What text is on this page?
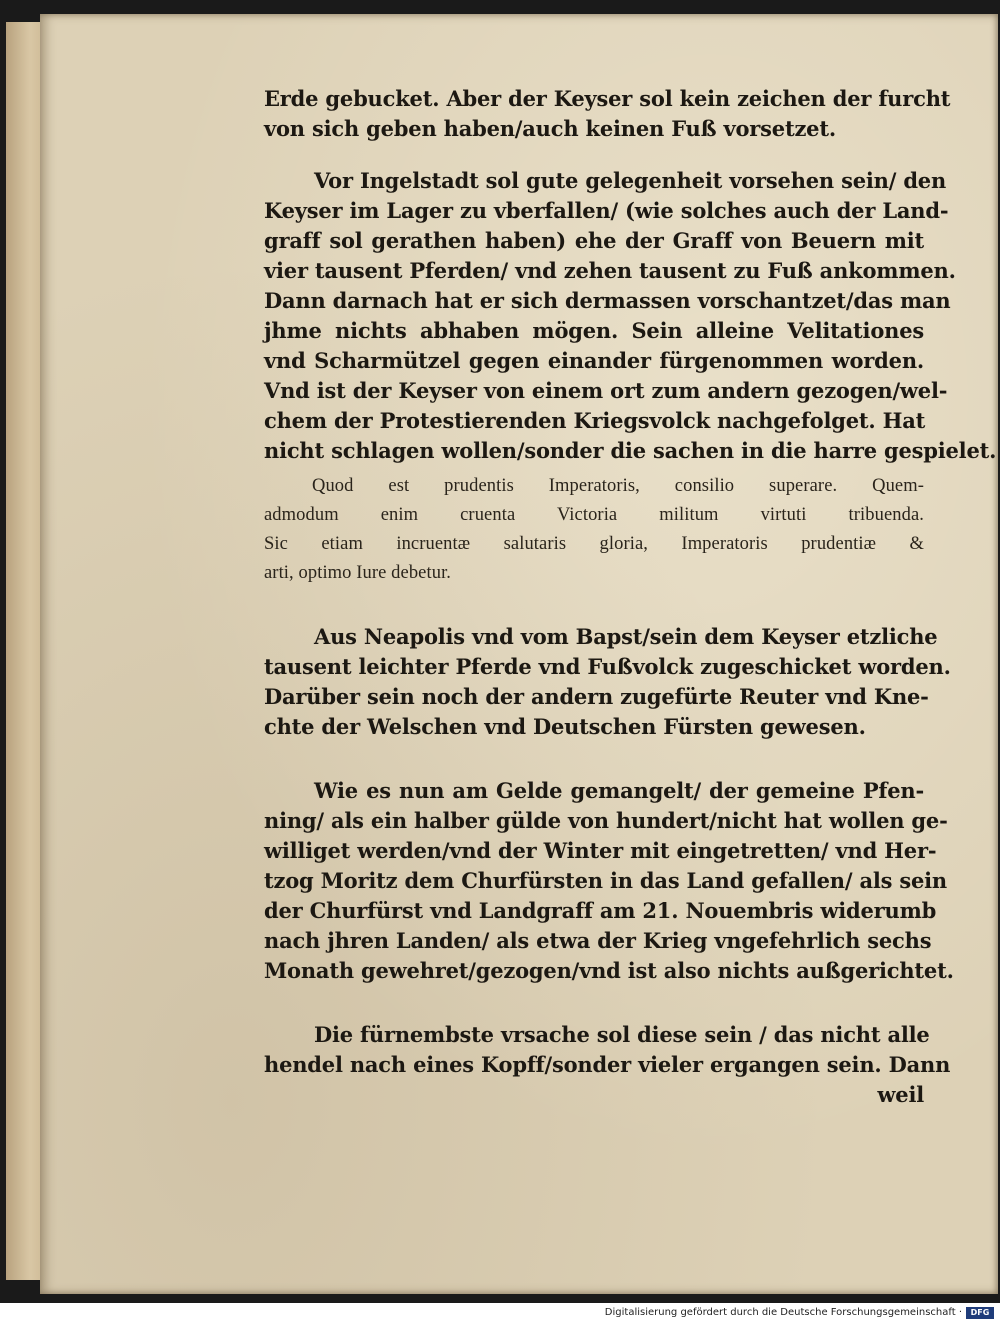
Erde gebucket. Aber der Keyser sol kein zeichen der furcht
von sich geben haben/auch keinen Fuß vorsetzet.
Vor Ingelstadt sol gute gelegenheit vorsehen sein/ den
Keyser im Lager zu vberfallen/ (wie solches auch der Land-
graff sol gerathen haben) ehe der Graff von Beuern mit
vier tausent Pferden/ vnd zehen tausent zu Fuß ankommen.
Dann darnach hat er sich dermassen vorschantzet/das man
jhme nichts abhaben mögen. Sein alleine Velitationes
vnd Scharmützel gegen einander fürgenommen worden.
Vnd ist der Keyser von einem ort zum andern gezogen/wel-
chem der Protestierenden Kriegsvolck nachgefolget. Hat
nicht schlagen wollen/sonder die sachen in die harre gespielet.
Quod est prudentis Imperatoris, consilio superare. Quem-
admodum enim cruenta Victoria militum virtuti tribuenda.
Sic etiam incruentæ salutaris gloria, Imperatoris prudentiæ &
arti, optimo Iure debetur.
Aus Neapolis vnd vom Bapst/sein dem Keyser etzliche
tausent leichter Pferde vnd Fußvolck zugeschicket worden.
Darüber sein noch der andern zugefürte Reuter vnd Kne-
chte der Welschen vnd Deutschen Fürsten gewesen.
Wie es nun am Gelde gemangelt/ der gemeine Pfen-
ning/ als ein halber gülde von hundert/nicht hat wollen ge-
williget werden/vnd der Winter mit eingetretten/ vnd Her-
tzog Moritz dem Churfürsten in das Land gefallen/ als sein
der Churfürst vnd Landgraff am 21. Nouembris widerumb
nach jhren Landen/ als etwa der Krieg vngefehrlich sechs
Monath gewehret/gezogen/vnd ist also nichts außgerichtet.
Die fürnembste vrsache sol diese sein / das nicht alle
hendel nach eines Kopff/sonder vieler ergangen sein. Dann
weil
Digitalisierung gefördert durch die Deutsche Forschungsgemeinschaft ·	DFG
